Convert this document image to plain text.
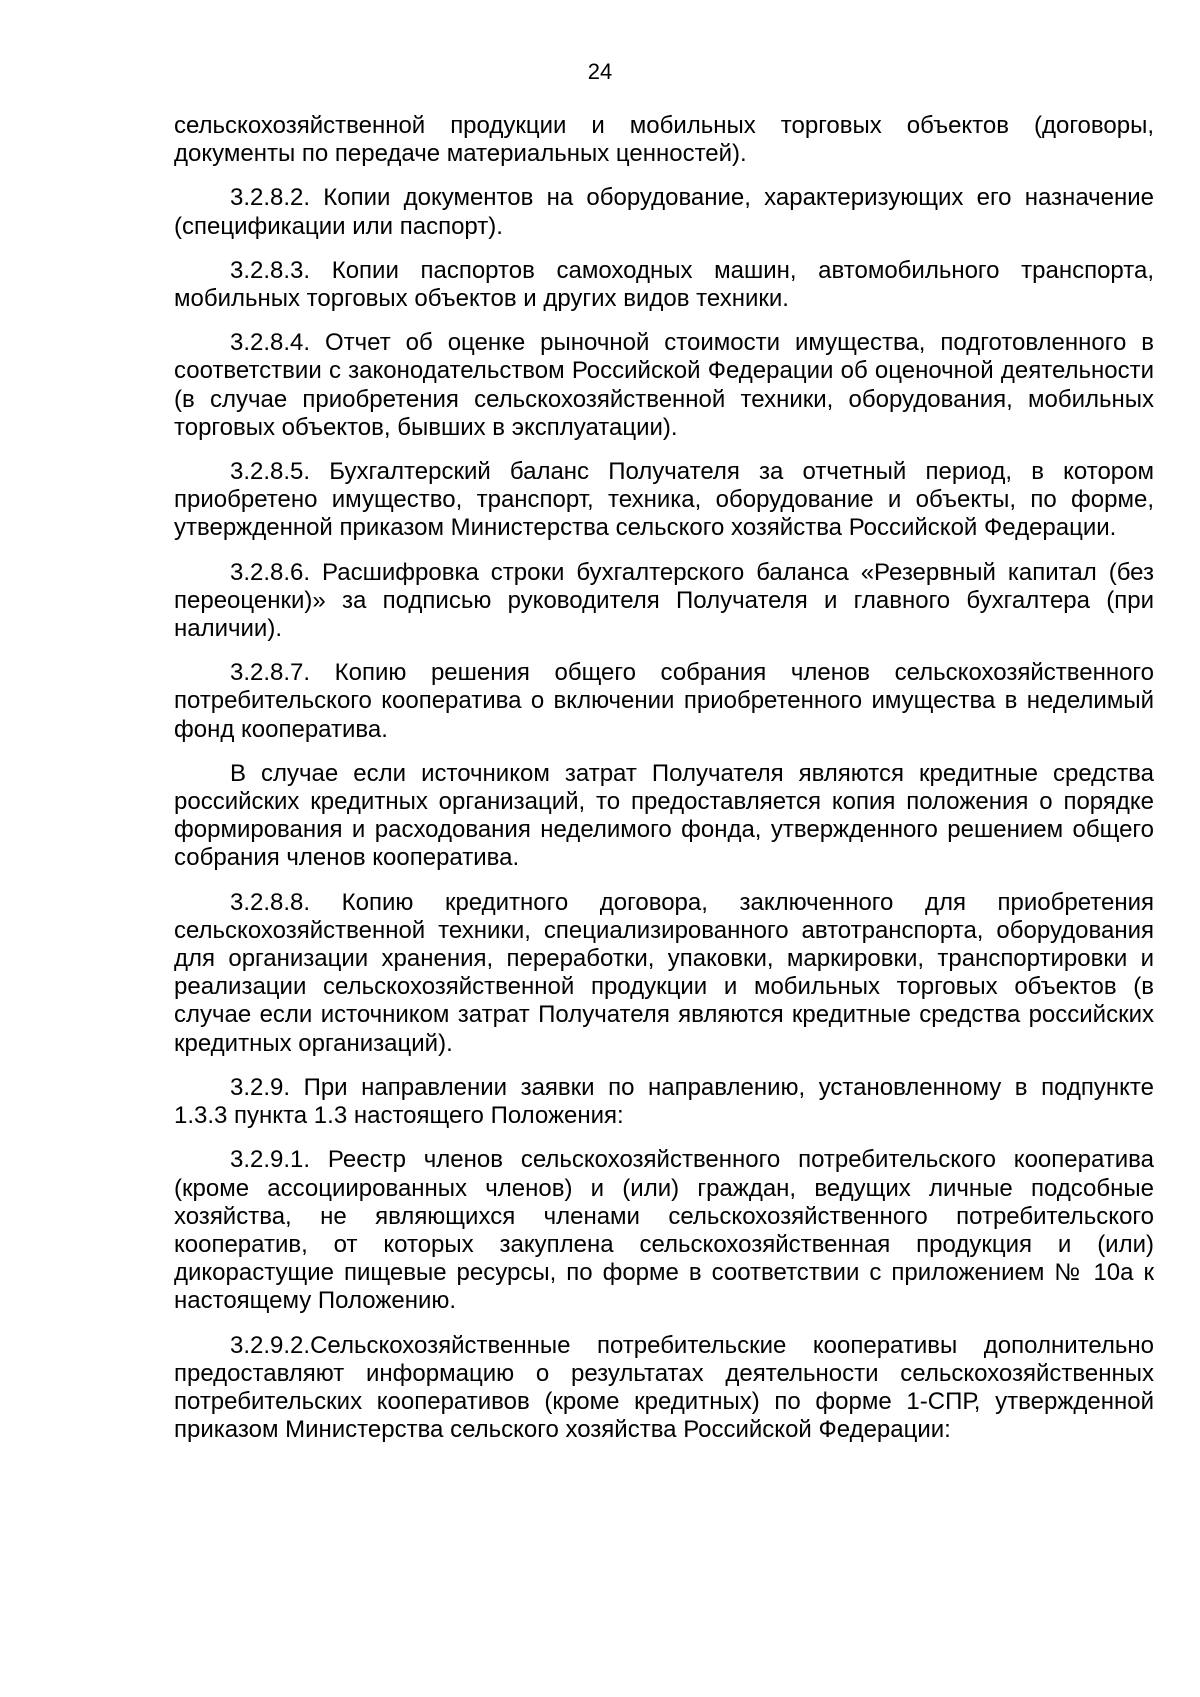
24

сельскохозяйственной продукции и мобильных торговых объектов (договоры, документы по передаче материальных ценностей).

3.2.8.2. Копии документов на оборудование, характеризующих его назначение (спецификации или паспорт).

3.2.8.3. Копии паспортов самоходных машин, автомобильного транспорта, мобильных торговых объектов и других видов техники.

3.2.8.4. Отчет об оценке рыночной стоимости имущества, подготовленного в соответствии с законодательством Российской Федерации об оценочной деятельности (в случае приобретения сельскохозяйственной техники, оборудования, мобильных торговых объектов, бывших в эксплуатации).

3.2.8.5. Бухгалтерский баланс Получателя за отчетный период, в котором приобретено имущество, транспорт, техника, оборудование и объекты, по форме, утвержденной приказом Министерства сельского хозяйства Российской Федерации.

3.2.8.6. Расшифровка строки бухгалтерского баланса «Резервный капитал (без переоценки)» за подписью руководителя Получателя и главного бухгалтера (при наличии).

3.2.8.7. Копию решения общего собрания членов сельскохозяйственного потребительского кооператива о включении приобретенного имущества в неделимый фонд кооператива.

В случае если источником затрат Получателя являются кредитные средства российских кредитных организаций, то предоставляется копия положения о порядке формирования и расходования неделимого фонда, утвержденного решением общего собрания членов кооператива.

3.2.8.8. Копию кредитного договора, заключенного для приобретения сельскохозяйственной техники, специализированного автотранспорта, оборудования для организации хранения, переработки, упаковки, маркировки, транспортировки и реализации сельскохозяйственной продукции и мобильных торговых объектов (в случае если источником затрат Получателя являются кредитные средства российских кредитных организаций).

3.2.9. При направлении заявки по направлению, установленному в подпункте 1.3.3 пункта 1.3 настоящего Положения:

3.2.9.1. Реестр членов сельскохозяйственного потребительского кооператива (кроме ассоциированных членов) и (или) граждан, ведущих личные подсобные хозяйства, не являющихся членами сельскохозяйственного потребительского кооператив, от которых закуплена сельскохозяйственная продукция и (или) дикорастущие пищевые ресурсы, по форме в соответствии с приложением № 10а к настоящему Положению.

3.2.9.2.Сельскохозяйственные потребительские кооперативы дополнительно предоставляют информацию о результатах деятельности сельскохозяйственных потребительских кооперативов (кроме кредитных) по форме 1-СПР, утвержденной приказом Министерства сельского хозяйства Российской Федерации:
